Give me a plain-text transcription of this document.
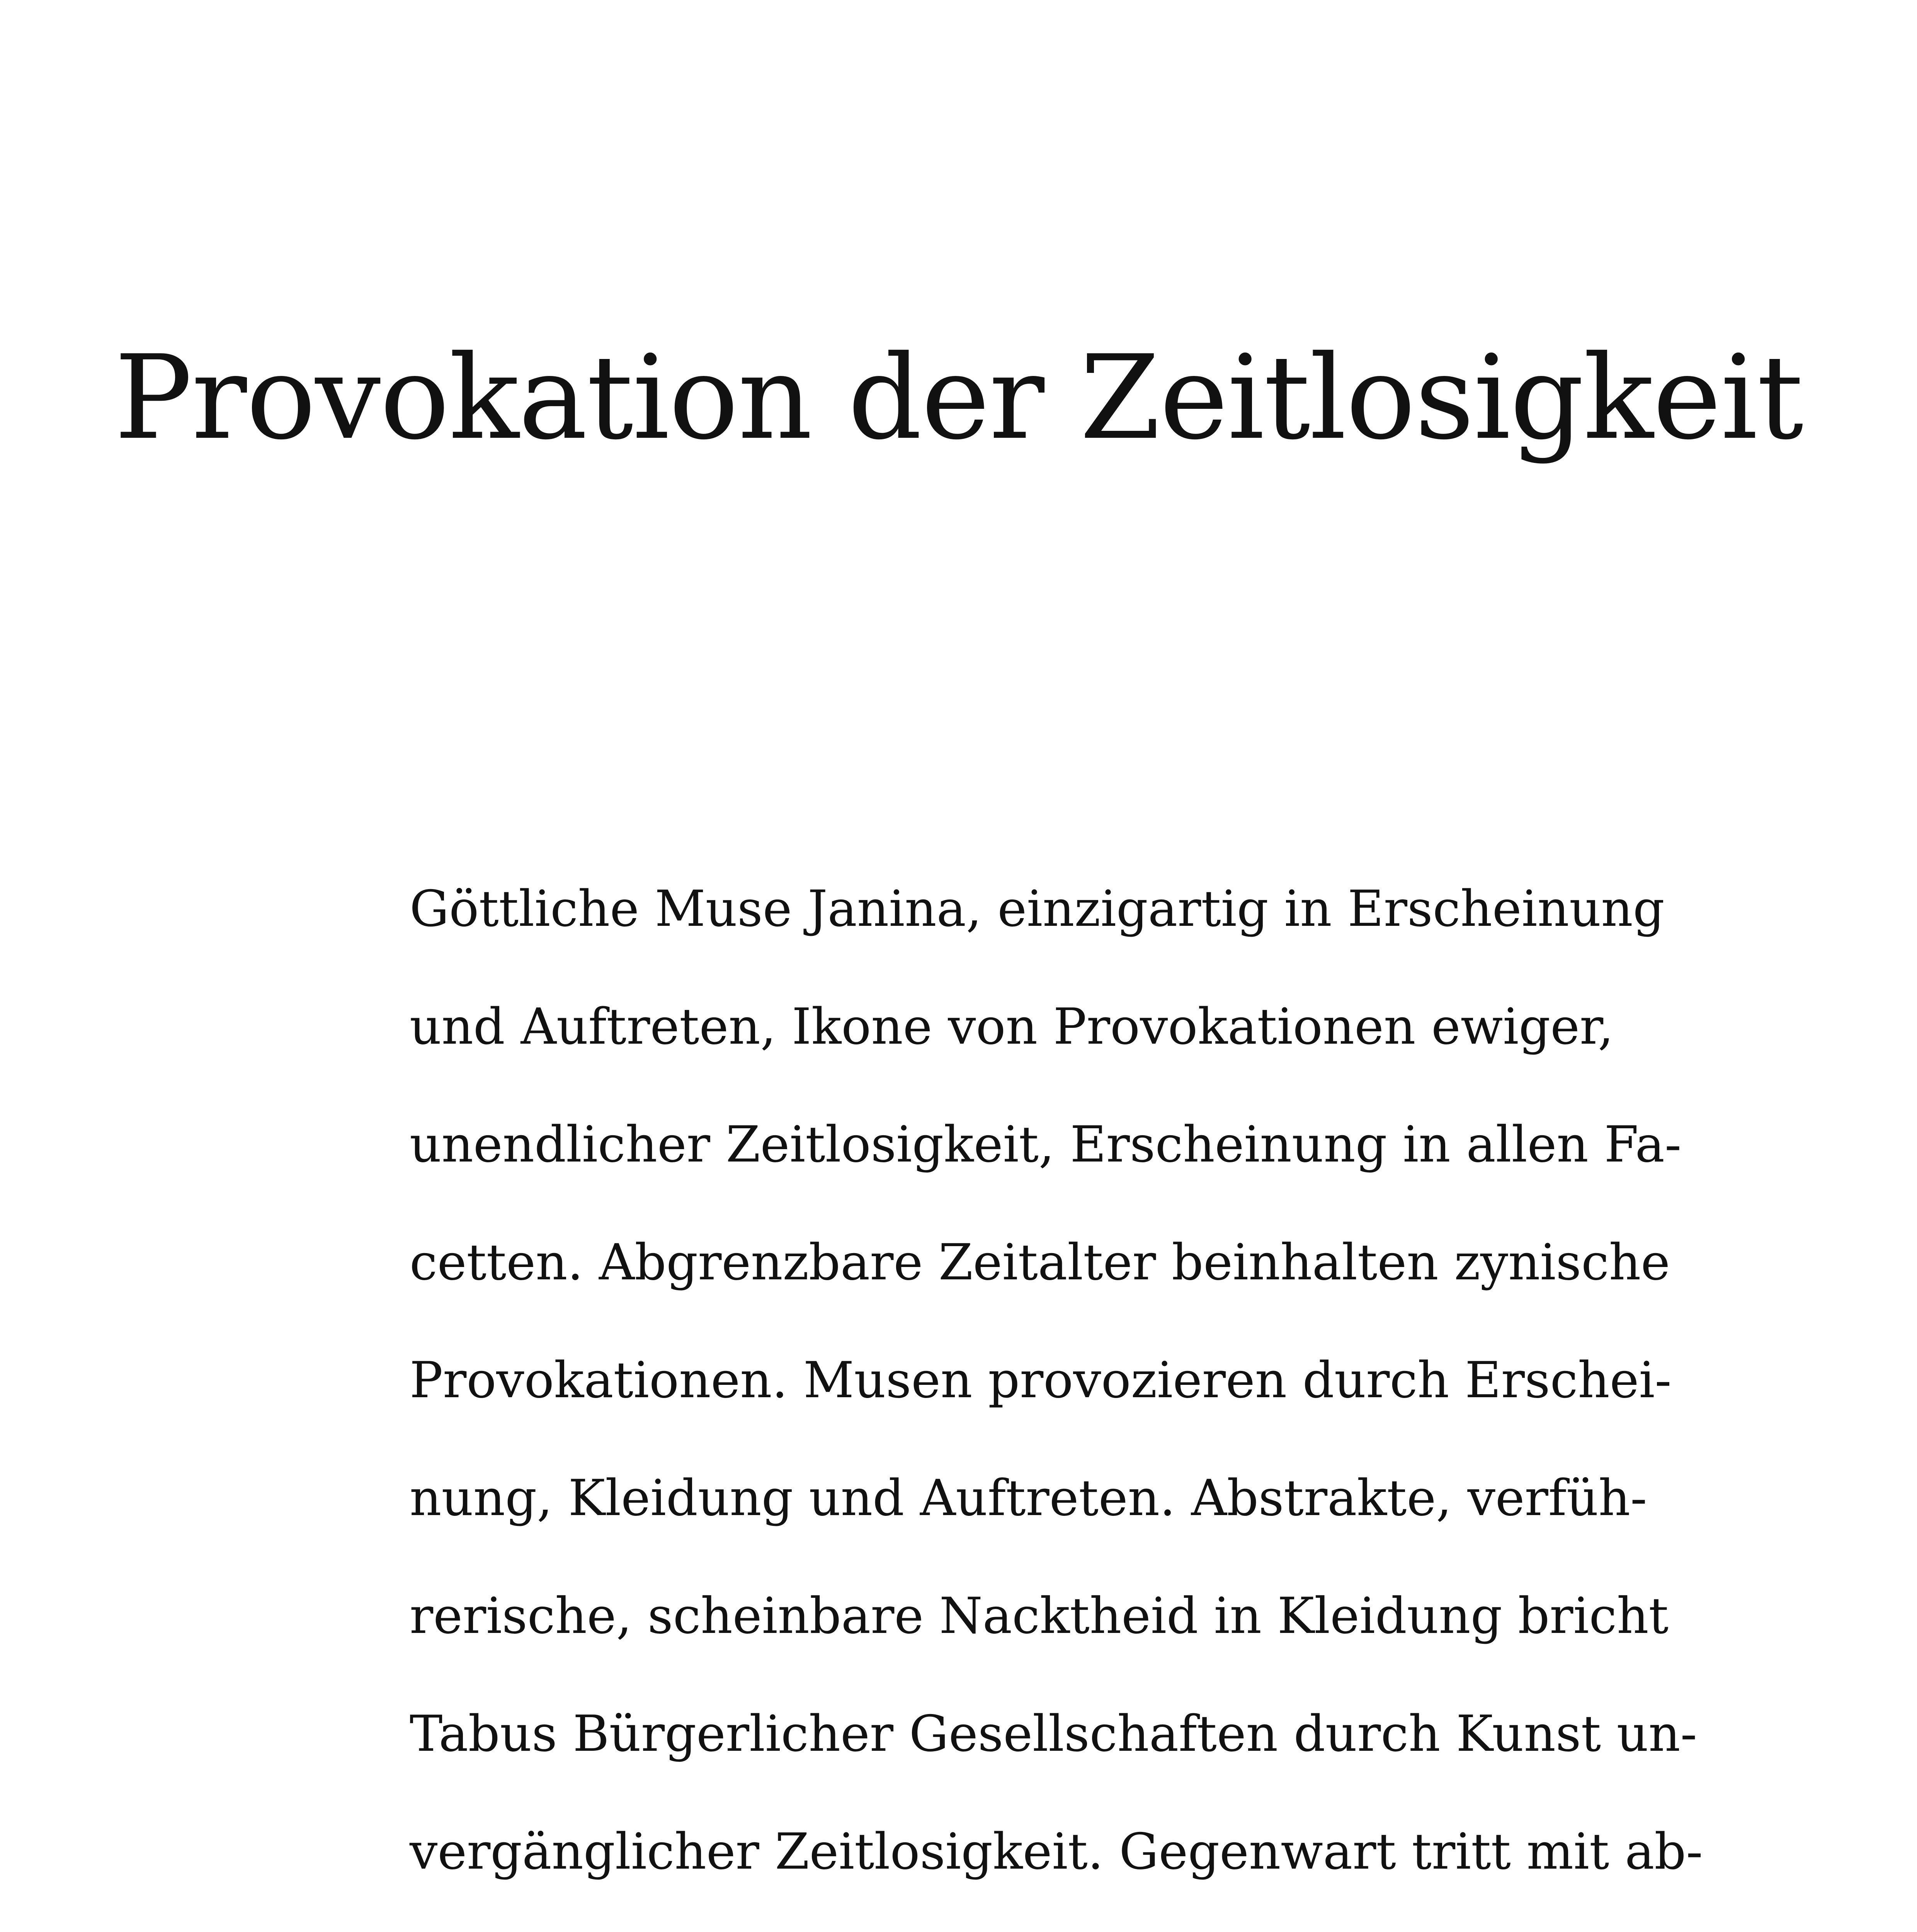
Provokation der Zeitlosigkeit
Göttliche Muse Janina, einzigartig in Erscheinung
und Auftreten, Ikone von Provokationen ewiger,
unendlicher Zeitlosigkeit, Erscheinung in allen Fa-
cetten. Abgrenzbare Zeitalter beinhalten zynische
Provokationen. Musen provozieren durch Erschei-
nung, Kleidung und Auftreten. Abstrakte, verfüh-
rerische, scheinbare Nacktheid in Kleidung bricht
Tabus Bürgerlicher Gesellschaften durch Kunst un-
vergänglicher Zeitlosigkeit. Gegenwart tritt mit ab-
